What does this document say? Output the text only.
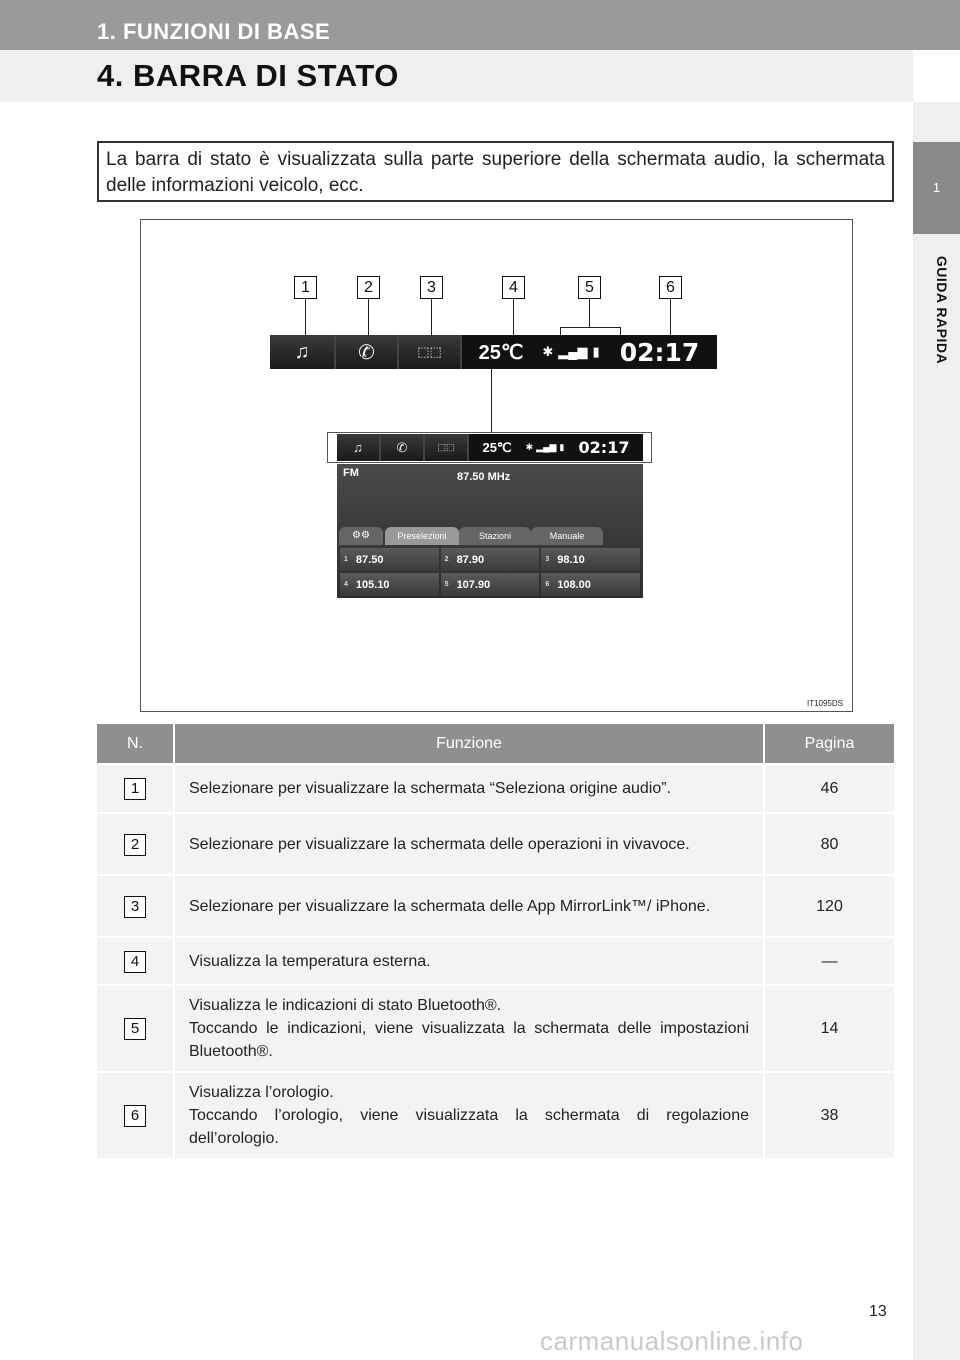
1. FUNZIONI DI BASE
4. BARRA DI STATO
1
GUIDA RAPIDA
La barra di stato è visualizzata sulla parte superiore della schermata audio, la schermata delle informazioni veicolo, ecc.
IT1095DS
1	2	3	4	5	6
♫	✆	⬚⬚	25℃	✱ ▂▄▆ ▮ 02:17
♫	✆	⬚⬚	25℃	✱ ▂▄▆ ▮ 02:17
FM	87.50 MHz
⚙⚙	Preselezioni	Stazioni	Manuale
1 87.50	2 87.90	3 98.10
4 105.10	5 107.90	6 108.00
N.	Funzione	Pagina
1	Selezionare per visualizzare la schermata “Seleziona origine audio”.	46
2	Selezionare per visualizzare la schermata delle operazioni in vivavoce.	80
3	Selezionare per visualizzare la schermata delle App MirrorLink™/ iPhone.	120
4	Visualizza la temperatura esterna.	—
5	Visualizza le indicazioni di stato Bluetooth®.
Toccando le indicazioni, viene visualizzata la schermata delle impostazioni Bluetooth®.	14
6	Visualizza l’orologio.
Toccando l’orologio, viene visualizzata la schermata di regolazione dell’orologio.	38
13
carmanualsonline.info
